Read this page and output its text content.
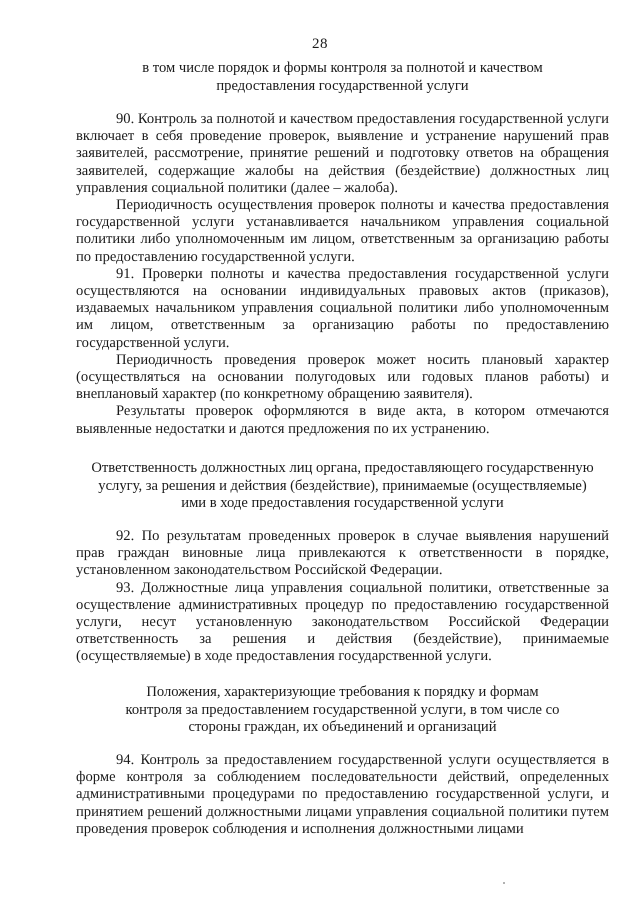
28
в том числе порядок и формы контроля за полнотой и качеством предоставления государственной услуги

90. Контроль за полнотой и качеством предоставления государственной услуги включает в себя проведение проверок, выявление и устранение нарушений прав заявителей, рассмотрение, принятие решений и подготовку ответов на обращения заявителей, содержащие жалобы на действия (бездействие) должностных лиц управления социальной политики (далее – жалоба).

Периодичность осуществления проверок полноты и качества предоставления государственной услуги устанавливается начальником управления социальной политики либо уполномоченным им лицом, ответственным за организацию работы по предоставлению государственной услуги.

91. Проверки полноты и качества предоставления государственной услуги осуществляются на основании индивидуальных правовых актов (приказов), издаваемых начальником управления социальной политики либо уполномоченным им лицом, ответственным за организацию работы по предоставлению государственной услуги.

Периодичность проведения проверок может носить плановый характер (осуществляться на основании полугодовых или годовых планов работы) и внеплановый характер (по конкретному обращению заявителя).

Результаты проверок оформляются в виде акта, в котором отмечаются выявленные недостатки и даются предложения по их устранению.

Ответственность должностных лиц органа, предоставляющего государственную услугу, за решения и действия (бездействие), принимаемые (осуществляемые) ими в ходе предоставления государственной услуги

92. По результатам проведенных проверок в случае выявления нарушений прав граждан виновные лица привлекаются к ответственности в порядке, установленном законодательством Российской Федерации.

93. Должностные лица управления социальной политики, ответственные за осуществление административных процедур по предоставлению государственной услуги, несут установленную законодательством Российской Федерации ответственность за решения и действия (бездействие), принимаемые (осуществляемые) в ходе предоставления государственной услуги.

Положения, характеризующие требования к порядку и формам контроля за предоставлением государственной услуги, в том числе со стороны граждан, их объединений и организаций

94. Контроль за предоставлением государственной услуги осуществляется в форме контроля за соблюдением последовательности действий, определенных административными процедурами по предоставлению государственной услуги, и принятием решений должностными лицами управления социальной политики путем проведения проверок соблюдения и исполнения должностными лицами
